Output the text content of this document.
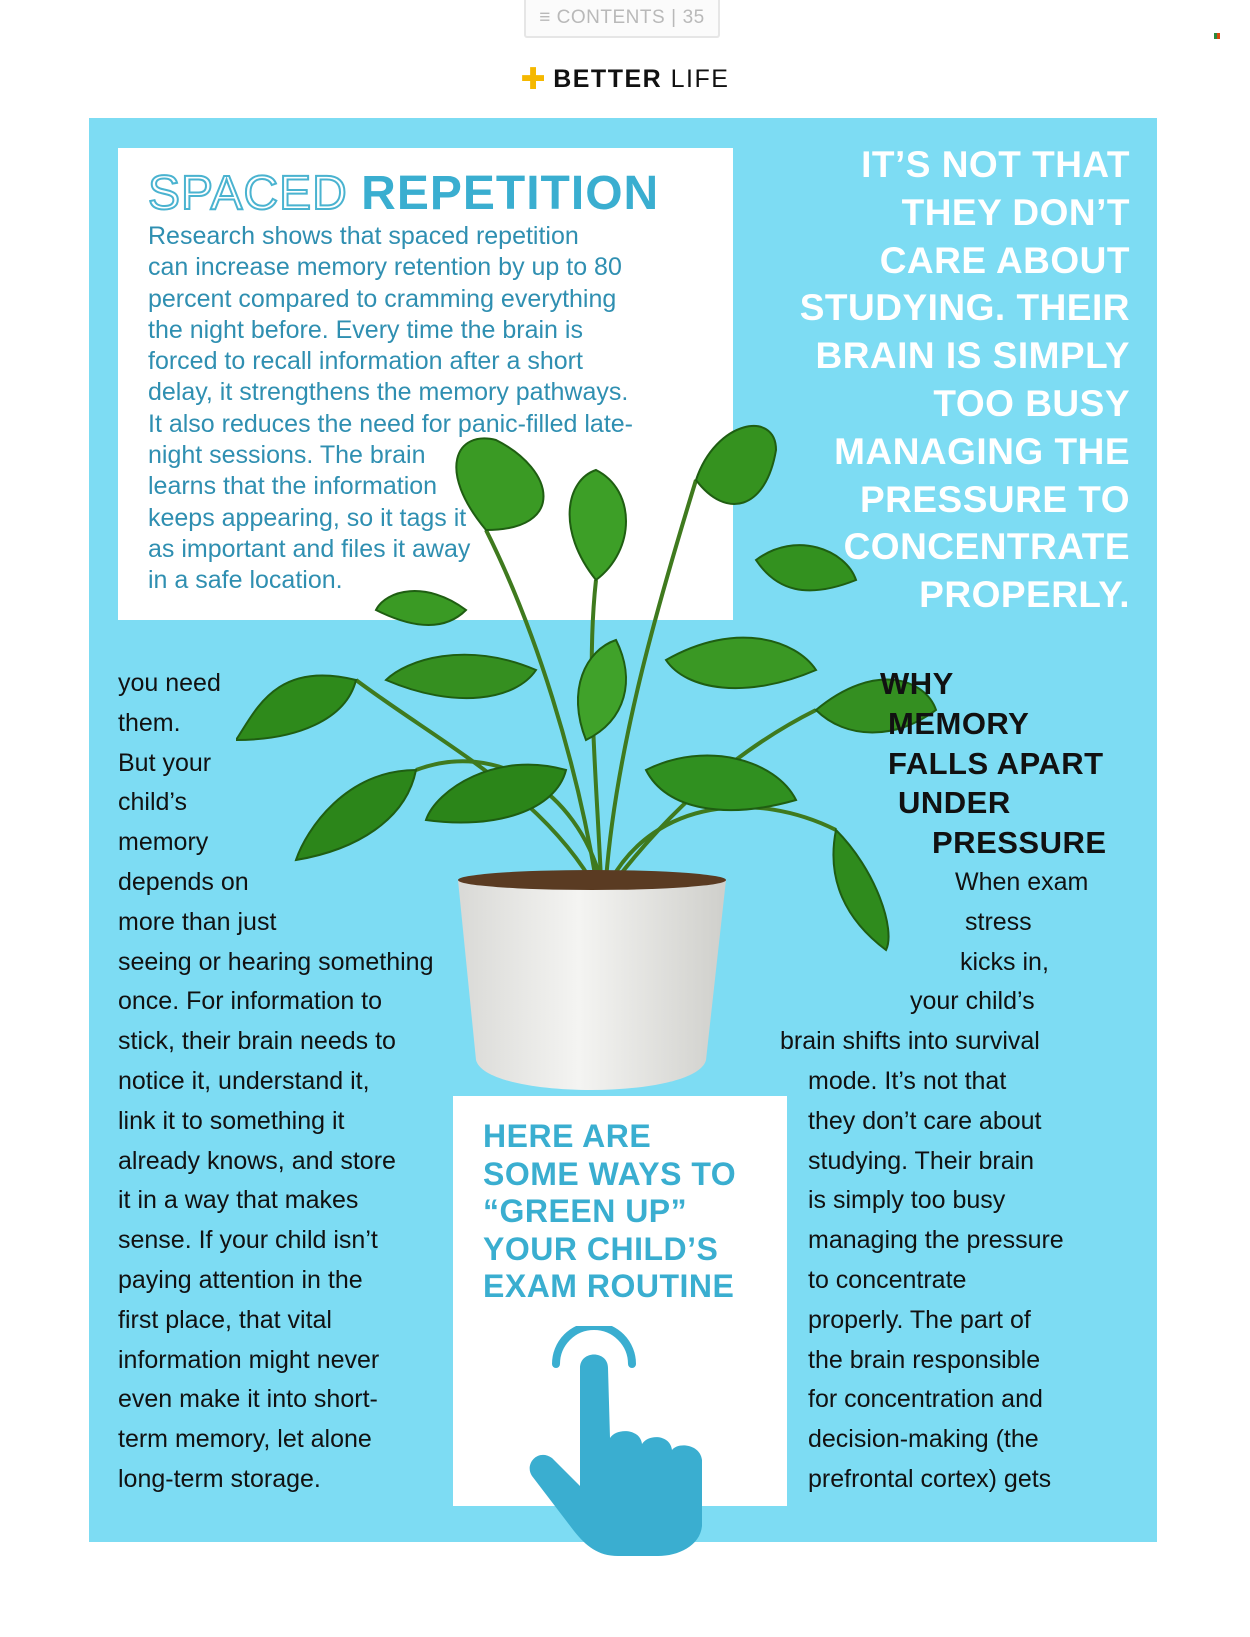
≡ CONTENTS | 35
✚ BETTER LIFE
SPACED REPETITION

Research shows that spaced repetition
can increase memory retention by up to 80
percent compared to cramming everything
the night before. Every time the brain is
forced to recall information after a short
delay, it strengthens the memory pathways.
It also reduces the need for panic-filled late-
night sessions. The brain
learns that the information
keeps appearing, so it tags it
as important and files it away
in a safe location.

IT’S NOT THAT
THEY DON’T
CARE ABOUT
STUDYING. THEIR
BRAIN IS SIMPLY
TOO BUSY
MANAGING THE
PRESSURE TO
CONCENTRATE
PROPERLY.

you need
them.
But your
child’s
memory
depends on
more than just
seeing or hearing something
once. For information to
stick, their brain needs to
notice it, understand it,
link it to something it
already knows, and store
it in a way that makes
sense. If your child isn’t
paying attention in the
first place, that vital
information might never
even make it into short-
term memory, let alone
long-term storage.

WHY
MEMORY
FALLS APART
UNDER
PRESSURE

When exam
stress
kicks in,
your child’s
brain shifts into survival
mode. It’s not that
they don’t care about
studying. Their brain
is simply too busy
managing the pressure
to concentrate
properly. The part of
the brain responsible
for concentration and
decision-making (the
prefrontal cortex) gets

HERE ARE
SOME WAYS TO
“GREEN UP”
YOUR CHILD’S
EXAM ROUTINE
